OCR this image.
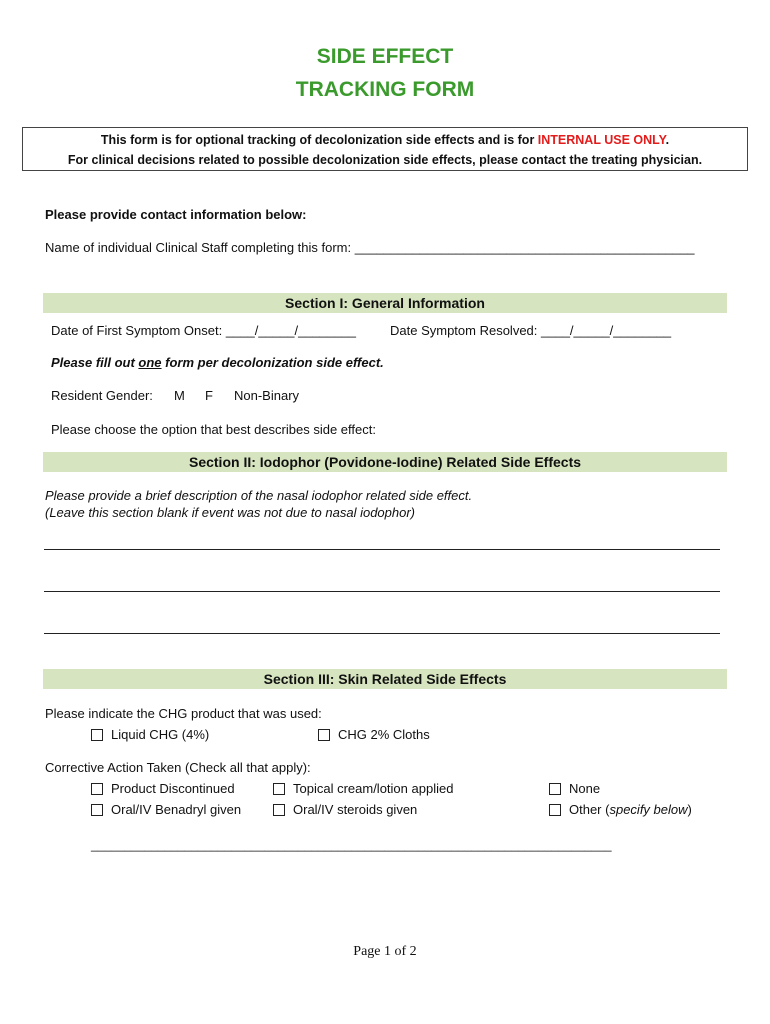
SIDE EFFECT
TRACKING FORM
This form is for optional tracking of decolonization side effects and is for INTERNAL USE ONLY.
For clinical decisions related to possible decolonization side effects, please contact the treating physician.
Please provide contact information below:
Name of individual Clinical Staff completing this form: _______________________________________________
Section I: General Information
Date of First Symptom Onset: ____/_____/________	Date Symptom Resolved: ____/_____/________
Please fill out one form per decolonization side effect.
Resident Gender: M F Non-Binary
Please choose the option that best describes side effect:
Section II: Iodophor (Povidone-Iodine) Related Side Effects
Please provide a brief description of the nasal iodophor related side effect.
(Leave this section blank if event was not due to nasal iodophor)
Section III: Skin Related Side Effects
Please indicate the CHG product that was used:
Liquid CHG (4%)	CHG 2% Cloths
Corrective Action Taken (Check all that apply):
Product Discontinued	Topical cream/lotion applied	None
Oral/IV Benadryl given	Oral/IV steroids given	Other (specify below)
______________________________________________________________________________
Page 1 of 2
